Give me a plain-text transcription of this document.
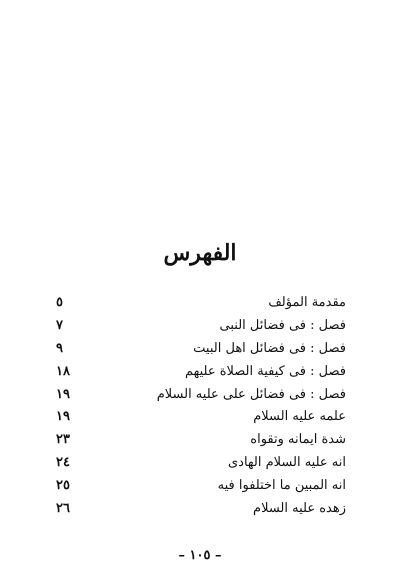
الفهرس
٥	مقدمة المؤلف
٧	فصل : فى فضائل النبى
٩	فصل : فى فضائل اهل البيت
١٨	فصل : فى كيفية الصلاة عليهم
١٩	فصل : فى فضائل على عليه السلام
١٩	علمه عليه السلام
٢٣	شدة ايمانه وتقواه
٢٤	انه عليه السلام الهادى
٢٥	انه المبين ما اختلفوا فيه
٢٦	زهده عليه السلام
– ١٠٥ –
